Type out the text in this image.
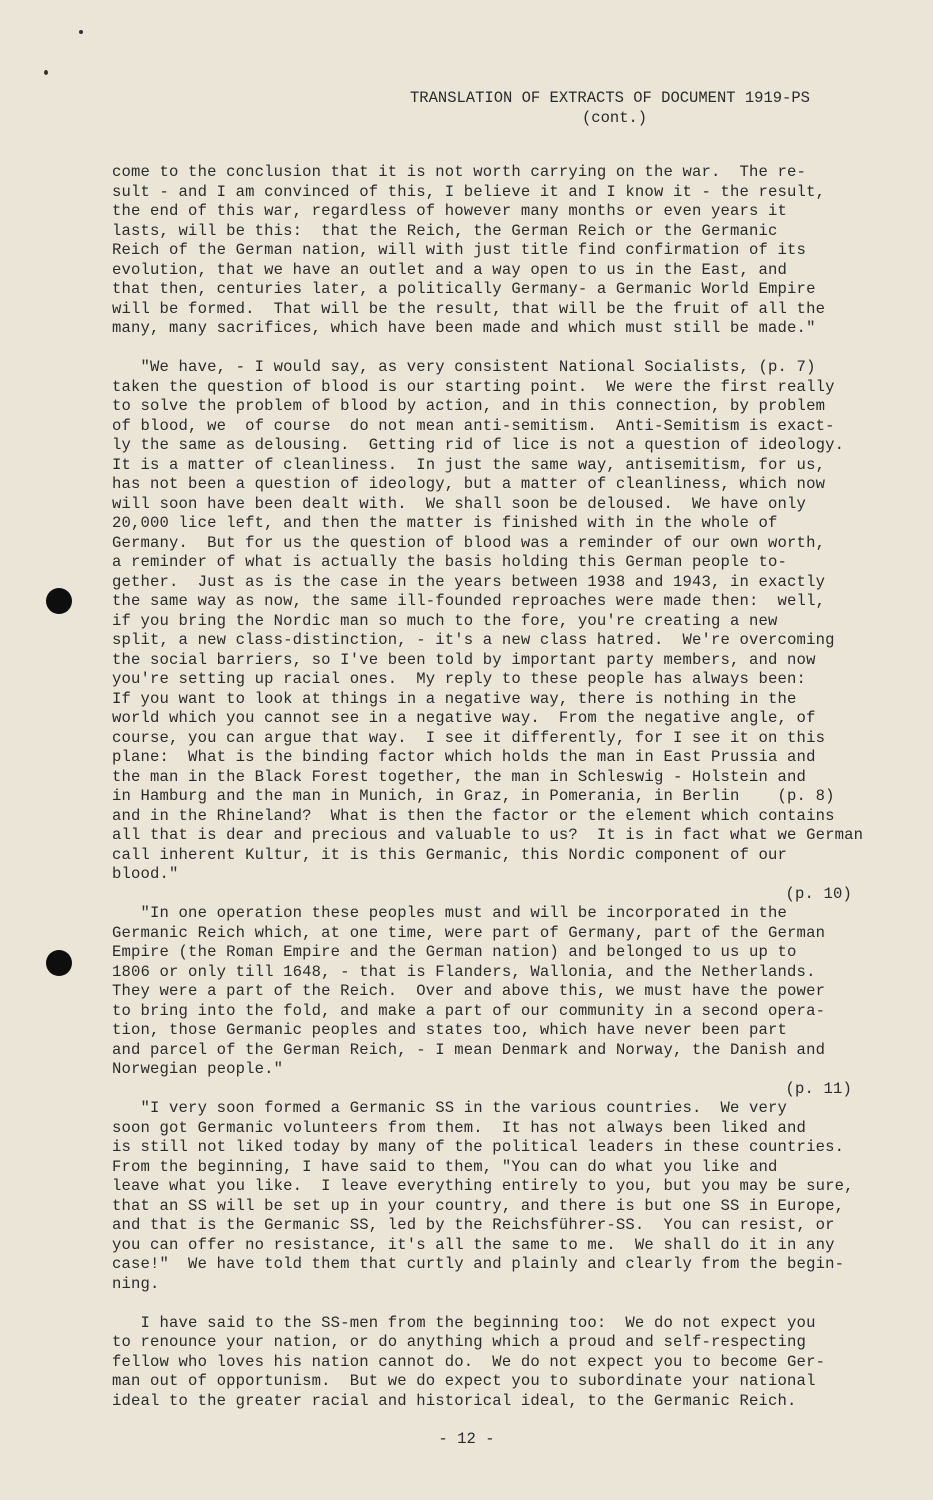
TRANSLATION OF EXTRACTS OF DOCUMENT 1919-PS
(cont.)
come to the conclusion that it is not worth carrying on the war.  The re-
sult - and I am convinced of this, I believe it and I know it - the result,
the end of this war, regardless of however many months or even years it
lasts, will be this:  that the Reich, the German Reich or the Germanic
Reich of the German nation, will with just title find confirmation of its
evolution, that we have an outlet and a way open to us in the East, and
that then, centuries later, a politically Germany- a Germanic World Empire
will be formed.  That will be the result, that will be the fruit of all the
many, many sacrifices, which have been made and which must still be made."
"We have, - I would say, as very consistent National Socialists, (p. 7)
taken the question of blood is our starting point.  We were the first really
to solve the problem of blood by action, and in this connection, by problem
of blood, we  of course  do not mean anti-semitism.  Anti-Semitism is exact-
ly the same as delousing.  Getting rid of lice is not a question of ideology.
It is a matter of cleanliness.  In just the same way, antisemitism, for us,
has not been a question of ideology, but a matter of cleanliness, which now
will soon have been dealt with.  We shall soon be deloused.  We have only
20,000 lice left, and then the matter is finished with in the whole of
Germany.  But for us the question of blood was a reminder of our own worth,
a reminder of what is actually the basis holding this German people to-
gether.  Just as is the case in the years between 1938 and 1943, in exactly
the same way as now, the same ill-founded reproaches were made then:  well,
if you bring the Nordic man so much to the fore, you're creating a new
split, a new class-distinction, - it's a new class hatred.  We're overcoming
the social barriers, so I've been told by important party members, and now
you're setting up racial ones.  My reply to these people has always been:
If you want to look at things in a negative way, there is nothing in the
world which you cannot see in a negative way.  From the negative angle, of
course, you can argue that way.  I see it differently, for I see it on this
plane:  What is the binding factor which holds the man in East Prussia and
the man in the Black Forest together, the man in Schleswig - Holstein and
in Hamburg and the man in Munich, in Graz, in Pomerania, in Berlin    (p. 8)
and in the Rhineland?  What is then the factor or the element which contains
all that is dear and precious and valuable to us?  It is in fact what we German
call inherent Kultur, it is this Germanic, this Nordic component of our
blood."
(p. 10)
"In one operation these peoples must and will be incorporated in the
Germanic Reich which, at one time, were part of Germany, part of the German
Empire (the Roman Empire and the German nation) and belonged to us up to
1806 or only till 1648, - that is Flanders, Wallonia, and the Netherlands.
They were a part of the Reich.  Over and above this, we must have the power
to bring into the fold, and make a part of our community in a second opera-
tion, those Germanic peoples and states too, which have never been part
and parcel of the German Reich, - I mean Denmark and Norway, the Danish and
Norwegian people."
(p. 11)
"I very soon formed a Germanic SS in the various countries.  We very
soon got Germanic volunteers from them.  It has not always been liked and
is still not liked today by many of the political leaders in these countries.
From the beginning, I have said to them, "You can do what you like and
leave what you like.  I leave everything entirely to you, but you may be sure,
that an SS will be set up in your country, and there is but one SS in Europe,
and that is the Germanic SS, led by the Reichsführer-SS.  You can resist, or
you can offer no resistance, it's all the same to me.  We shall do it in any
case!"  We have told them that curtly and plainly and clearly from the begin-
ning.
I have said to the SS-men from the beginning too:  We do not expect you
to renounce your nation, or do anything which a proud and self-respecting
fellow who loves his nation cannot do.  We do not expect you to become Ger-
man out of opportunism.  But we do expect you to subordinate your national
ideal to the greater racial and historical ideal, to the Germanic Reich.
- 12 -
